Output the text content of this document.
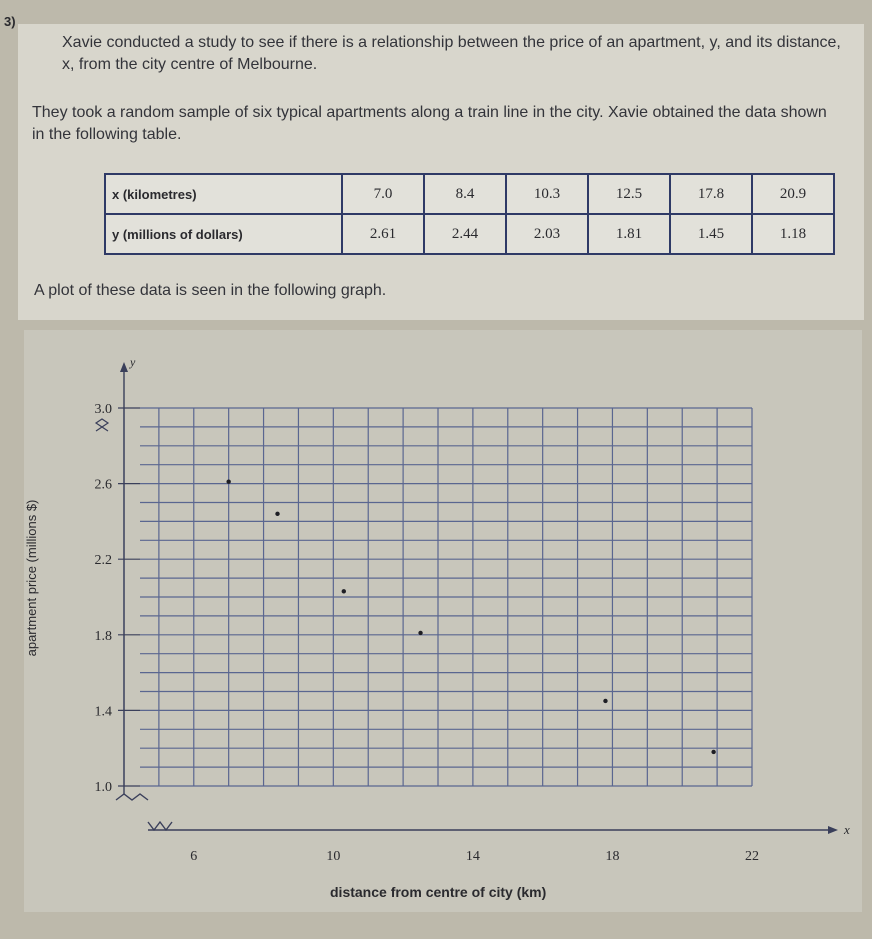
3)
Xavie conducted a study to see if there is a relationship between the price of an apartment, y, and its distance, x, from the city centre of Melbourne.
They took a random sample of six typical apartments along a train line in the city. Xavie obtained the data shown in the following table.
x (kilometres)	7.0	8.4	10.3	12.5	17.8	20.9
y (millions of dollars)	2.61	2.44	2.03	1.81	1.45	1.18
A plot of these data is seen in the following graph.
3.0
2.6
2.2
1.8
1.4
1.0
6	10	14	18	22
y
x
apartment price (millions $)
distance from centre of city (km)
